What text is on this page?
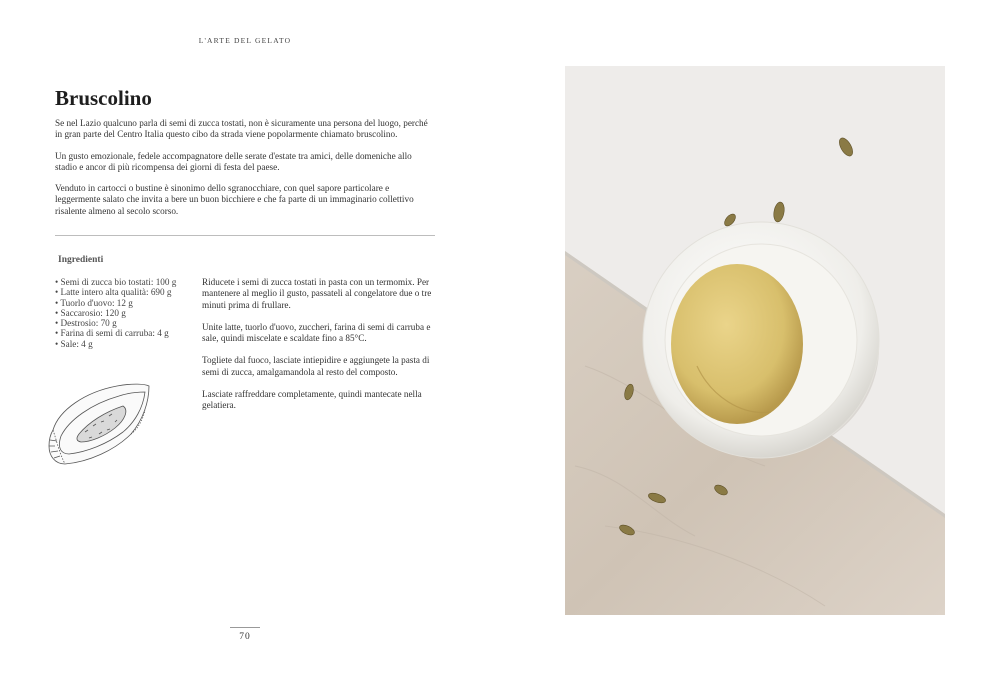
L'ARTE DEL GELATO
Bruscolino

Se nel Lazio qualcuno parla di semi di zucca tostati, non è sicuramente una persona del luogo, perché in gran parte del Centro Italia questo cibo da strada viene popolarmente chiamato bruscolino.

Un gusto emozionale, fedele accompagnatore delle serate d'estate tra amici, delle domeniche allo stadio e ancor di più ricompensa dei giorni di festa del paese.

Venduto in cartocci o bustine è sinonimo dello sgranocchiare, con quel sapore particolare e leggermente salato che invita a bere un buon bicchiere e che fa parte di un immaginario collettivo risalente almeno al secolo scorso.

Ingredienti
• Semi di zucca bio tostati: 100 g
• Latte intero alta qualità: 690 g
• Tuorlo d'uovo: 12 g
• Saccarosio: 120 g
• Destrosio: 70 g
• Farina di semi di carruba: 4 g
• Sale: 4 g

Riducete i semi di zucca tostati in pasta con un termomix. Per mantenere al meglio il gusto, passateli al congelatore due o tre minuti prima di frullare.

Unite latte, tuorlo d'uovo, zuccheri, farina di semi di carruba e sale, quindi miscelate e scaldate fino a 85°C.

Togliete dal fuoco, lasciate intiepidire e aggiungete la pasta di semi di zucca, amalgamandola al resto del composto.

Lasciate raffreddare completamente, quindi mantecate nella gelatiera.

70
